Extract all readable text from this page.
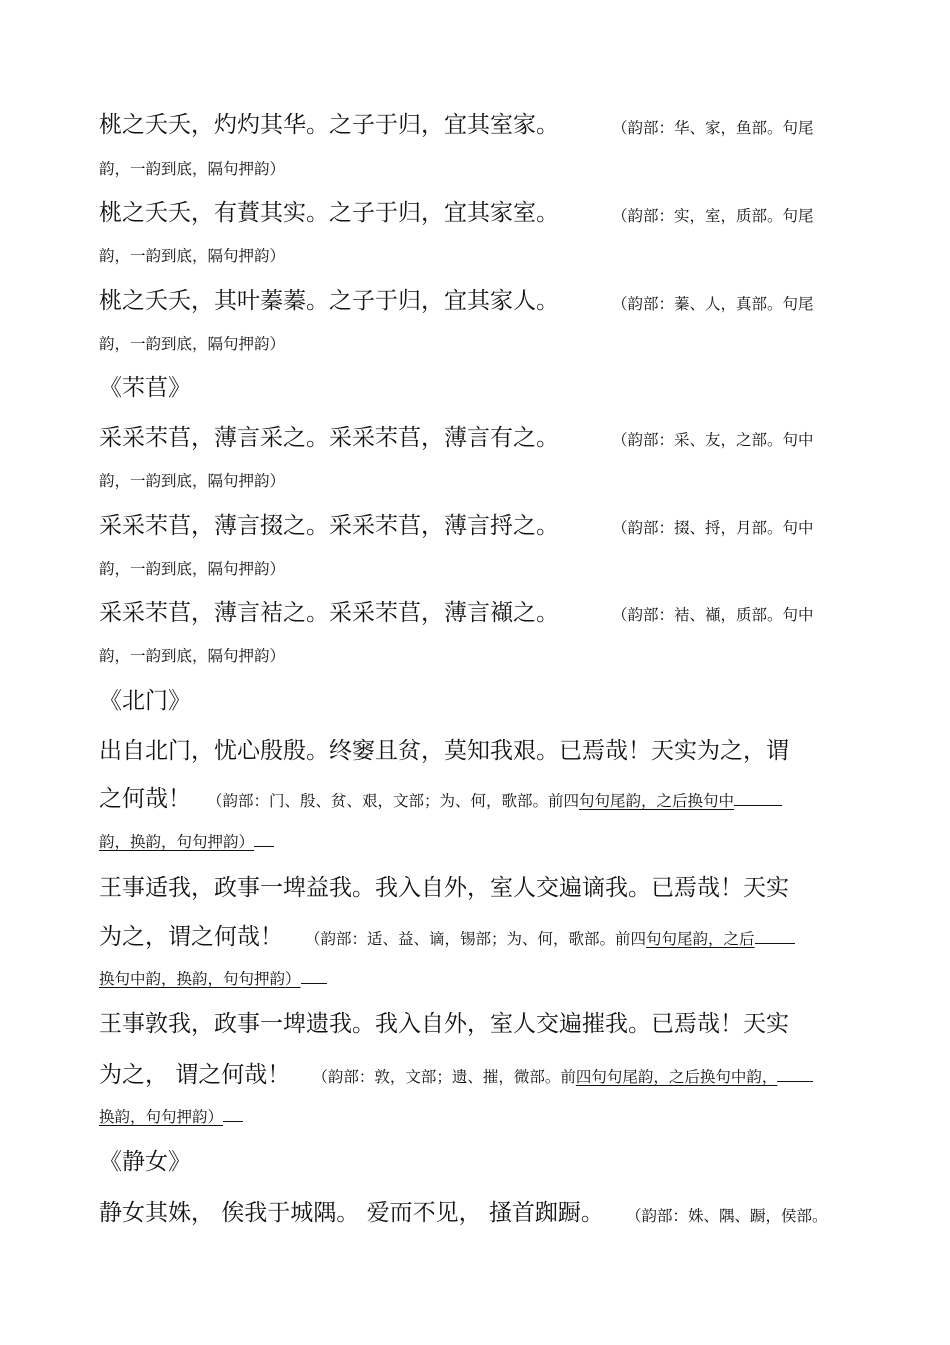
桃之夭夭，灼灼其华。之子于归，宜其室家。	（韵部：华、家，鱼部。句尾
韵，一韵到底，隔句押韵）
桃之夭夭，有蕡其实。之子于归，宜其家室。	（韵部：实，室，质部。句尾
韵，一韵到底，隔句押韵）
桃之夭夭，其叶蓁蓁。之子于归，宜其家人。	（韵部：蓁、人，真部。句尾
韵，一韵到底，隔句押韵）
《芣苢》
采采芣苢，薄言采之。采采芣苢，薄言有之。	（韵部：采、友，之部。句中
韵，一韵到底，隔句押韵）
采采芣苢，薄言掇之。采采芣苢，薄言捋之。	（韵部：掇、捋，月部。句中
韵，一韵到底，隔句押韵）
采采芣苢，薄言袺之。采采芣苢，薄言襭之。	（韵部：袺、襭，质部。句中
韵，一韵到底，隔句押韵）
《北门》
出自北门，忧心殷殷。终窭且贫，莫知我艰。已焉哉！天实为之，谓
之何哉！ （韵部：门、殷、贫、艰，文部；为、何，歌部。前四句句尾韵，之后换句中
韵，换韵，句句押韵）
王事适我，政事一埤益我。我入自外，室人交遍谪我。已焉哉！天实
为之，谓之何哉！ （韵部：适、益、谪，锡部；为、何，歌部。前四句句尾韵，之后
换句中韵，换韵，句句押韵）
王事敦我，政事一埤遗我。我入自外，室人交遍摧我。已焉哉！天实
为之， 谓之何哉！ （韵部：敦，文部；遗、摧，微部。前四句句尾韵，之后换句中韵，
换韵，句句押韵）
《静女》
静女其姝， 俟我于城隅。 爱而不见， 搔首踟蹰。 （韵部：姝、隅、蹰，侯部。
